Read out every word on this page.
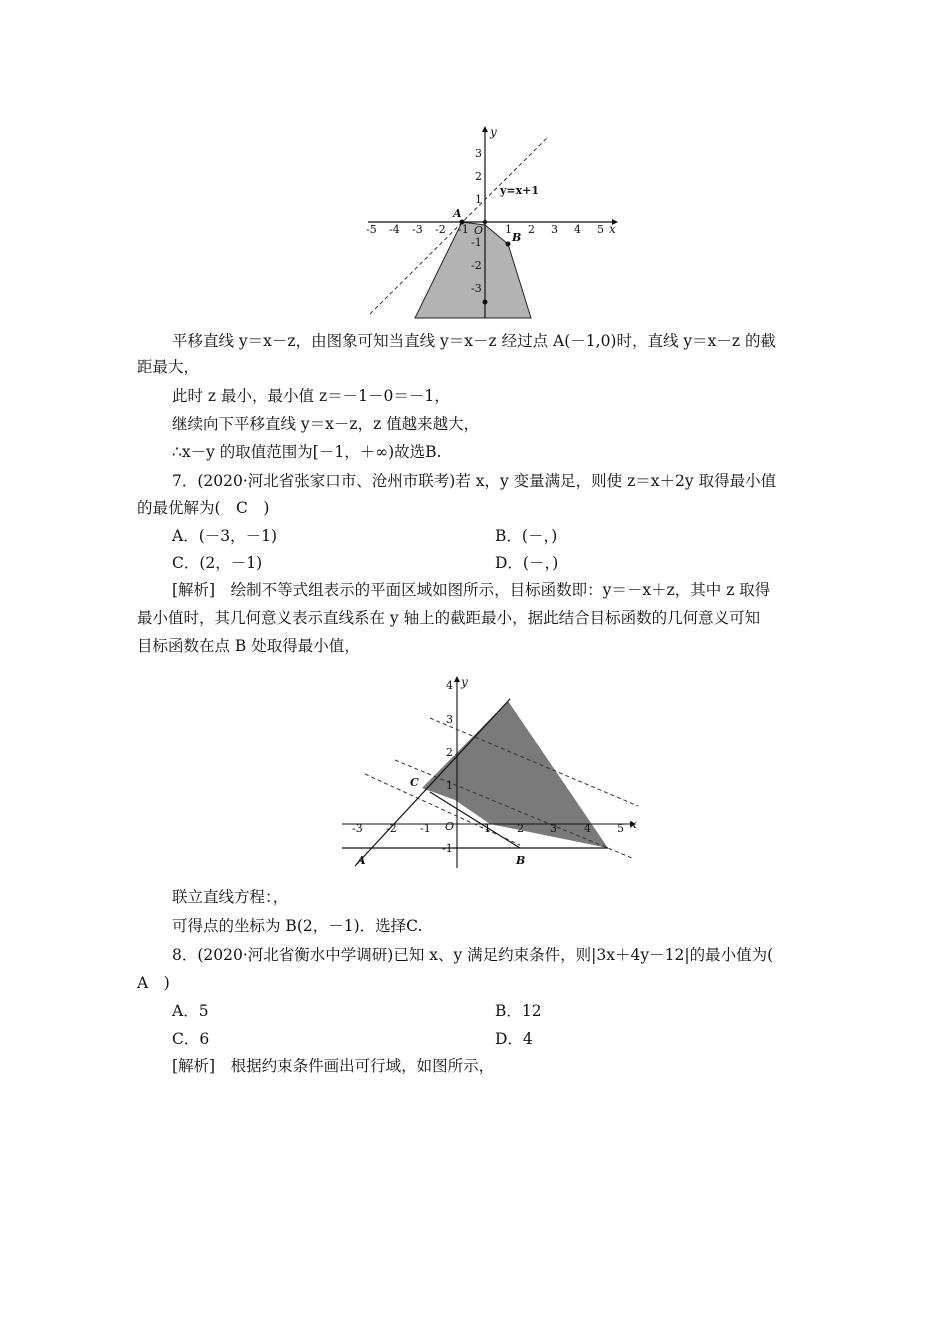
-5 -4 -3 -2 -1	1 2 3 4 5
3
2
1
-1
-2
-3
x
y
O
y=x+1
A
B
平移直线 y＝x－z，由图象可知当直线 y＝x－z 经过点 A(－1,0)时，直线 y＝x－z 的截
距最大，
此时 z 最小，最小值 z＝－1－0＝－1，
继续向下平移直线 y＝x－z，z 值越来越大，
∴x－y 的取值范围为[－1，＋∞)故选B.
7．(2020·河北省张家口市、沧州市联考)若 x，y 变量满足，则使 z＝x＋2y 取得最小值
的最优解为(　C　)
A．(－3，－1)	B．(－，)
C．(2，－1)	D．(－，)
[解析]　绘制不等式组表示的平面区域如图所示，目标函数即：y＝－x＋z，其中 z 取得
最小值时，其几何意义表示直线系在 y 轴上的截距最小，据此结合目标函数的几何意义可知
目标函数在点 B 处取得最小值，
-3 -2 -1	1 2 3 4 5
4
3
2
1
-1
x
y
O
A	B
C
联立直线方程：，
可得点的坐标为 B(2，－1)．选择C.
8．(2020·河北省衡水中学调研)已知 x、y 满足约束条件，则|3x＋4y－12|的最小值为(
A　)
A．5	B．12
C．6	D．4
[解析]　根据约束条件画出可行域，如图所示，
